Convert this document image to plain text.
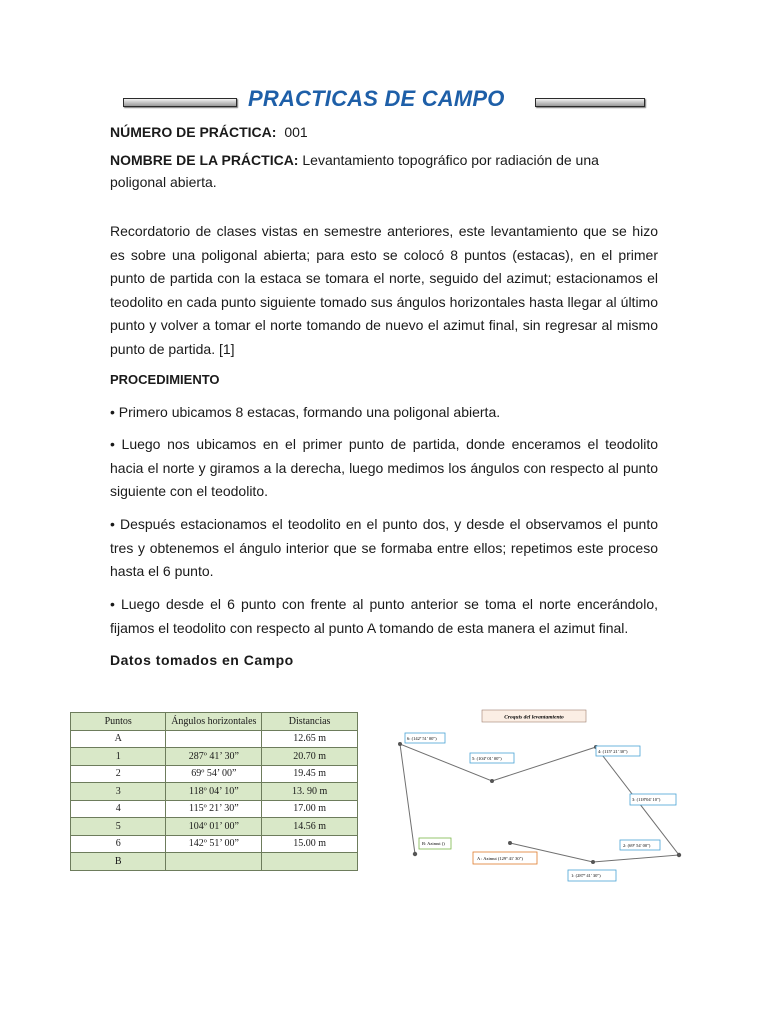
PRACTICAS DE CAMPO
NÚMERO DE PRÁCTICA: 001
NOMBRE DE LA PRÁCTICA: Levantamiento topográfico por radiación de una poligonal abierta.
Recordatorio de clases vistas en semestre anteriores, este levantamiento que se hizo es sobre una poligonal abierta; para esto se colocó 8 puntos (estacas), en el primer punto de partida con la estaca se tomara el norte, seguido del azimut; estacionamos el teodolito en cada punto siguiente tomado sus ángulos horizontales hasta llegar al último punto y volver a tomar el norte tomando de nuevo el azimut final, sin regresar al mismo punto de partida. [1]
PROCEDIMIENTO
• Primero ubicamos 8 estacas, formando una poligonal abierta.
• Luego nos ubicamos en el primer punto de partida, donde enceramos el teodolito hacia el norte y giramos a la derecha, luego medimos los ángulos con respecto al punto siguiente con el teodolito.
• Después estacionamos el teodolito en el punto dos, y desde el observamos el punto tres y obtenemos el ángulo interior que se formaba entre ellos; repetimos este proceso hasta el 6 punto.
• Luego desde el 6 punto con frente al punto anterior se toma el norte encerándolo, fijamos el teodolito con respecto al punto A tomando de esta manera el azimut final.
Datos tomados en Campo
Puntos	Ángulos horizontales	Distancias
A		12.65 m
1	287º 41’ 30”	20.70 m
2	69º 54’ 00”	19.45 m
3	118º 04’ 10”	13. 90 m
4	115º 21’ 30”	17.00 m
5	104º 01’ 00”	14.56 m
6	142º 51’ 00”	15.00 m
B		
Croquis del levantamiento
6: (142º 51' 00")
5: (104º 01' 00")
4: (115º 21' 30")
3: (118º04' 10")
2: (69º 54' 00")
1: (287º 41' 30")
A : Azimut (129º 41' 30")
B: Azimut ()
